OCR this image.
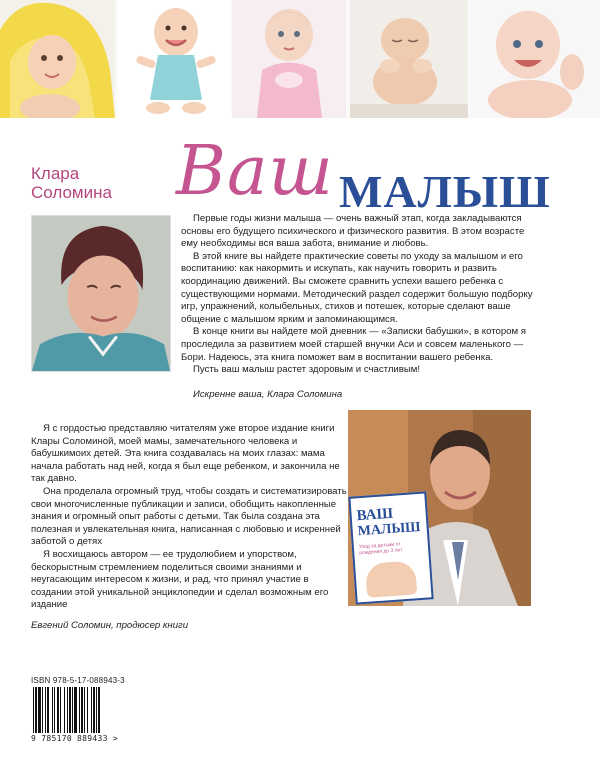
Клара
Соломина Ваш МАЛЫШ

Первые годы жизни малыша — очень важный этап, когда закладываются основы его будущего психического и физического развития. В этом возрасте ему необходимы вся ваша забота, внимание и любовь.

В этой книге вы найдете практические советы по уходу за малышом и его воспитанию: как накормить и искупать, как научить говорить и развить координацию движений. Вы сможете сравнить успехи вашего ребенка с существующими нормами. Методический раздел содержит большую подборку игр, упражнений, колыбельных, стихов и потешек, которые сделают ваше общение с малышом ярким и запоминающимся.

В конце книги вы найдете мой дневник — «Записки бабушки», в котором я проследила за развитием моей старшей внучки Аси и совсем маленького — Бори. Надеюсь, эта книга поможет вам в воспитании вашего ребенка.

Пусть ваш малыш растет здоровым и счастливым!

Искренне ваша, Клара Соломина

Я с гордостью представляю читателям уже второе издание книги Клары Соломиной, моей мамы, замечательного человека и бабушкимоих детей. Эта книга создавалась на моих глазах: мама начала работать над ней, когда я был еще ребенком, и закончила не так давно.

Она проделала огромный труд, чтобы создать и систематизировать свои многочисленные публикации и записи, обобщить накопленные знания и огромный опыт работы с детьми. Так была создана эта полезная и увлекательная книга, написанная с любовью и искренней заботой о детях

Я восхищаюсь автором — ее трудолюбием и упорством, бескорыстным стремлением поделиться своими знаниями и неугасающим интересом к жизни, и рад, что принял участие в создании этой уникальной энциклопедии и сделал возможным его издание

Евгений Соломин, продюсер книги
ВАШ
МАЛЫШ
Уход за детьми от рождения до 3 лет
ISBN 978-5-17-088943-3
9 785170 889433 >
